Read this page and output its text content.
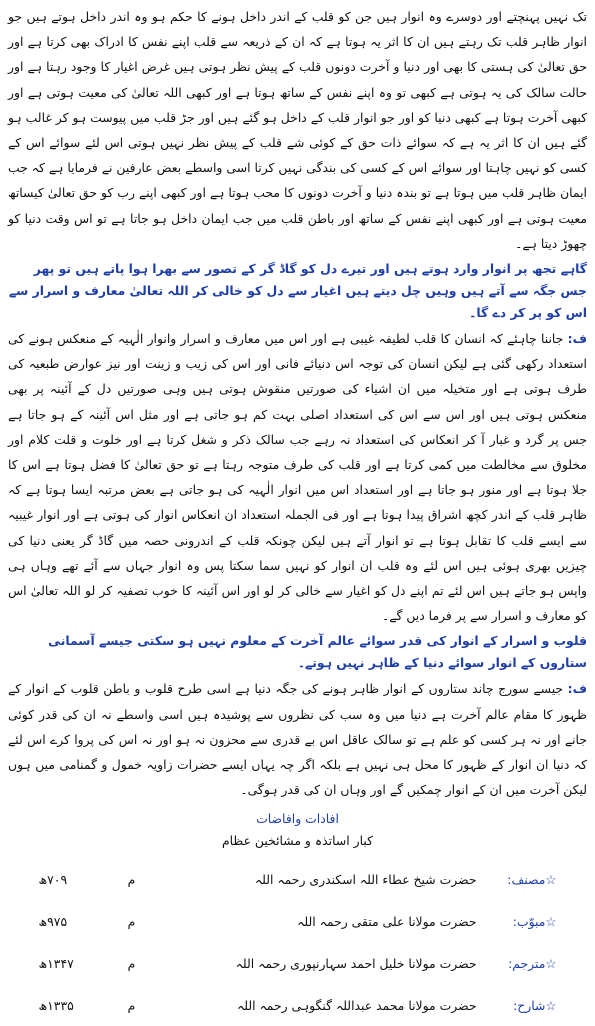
تک نہیں پہنچتے اور دوسرے وہ انوار ہیں جن کو قلب کے اندر داخل ہونے کا حکم ہو وہ اندر داخل ہوتے ہیں جو انوار ظاہر قلب تک رہتے ہیں ان کا اثر یہ ہوتا ہے کہ ان کے ذریعہ سے قلب اپنے نفس کا ادراک بھی کرتا ہے اور حق تعالیٰ کی ہستی کا بھی اور دنیا و آخرت دونوں قلب کے پیش نظر ہوتی ہیں غرض اغیار کا وجود رہتا ہے اور حالت سالک کی یہ ہوتی ہے کبھی تو وہ اپنے نفس کے ساتھ ہوتا ہے اور کبھی اللہ تعالیٰ کی معیت ہوتی ہے اور کبھی آخرت ہوتا ہے کبھی دنیا کو اور جو انوار قلب کے داخل ہو گئے ہیں اور جڑ قلب میں پیوست ہو کر غالب ہو گئے ہیں ان کا اثر یہ ہے کہ سوائے ذات حق کے کوئی شے قلب کے پیش نظر نہیں ہوتی اس لئے سوائے اس کے کسی کو نہیں چاہتا اور سوائے اس کے کسی کی بندگی نہیں کرتا اسی واسطے بعض عارفین نے فرمایا ہے کہ جب ایمان ظاہر قلب میں ہوتا ہے تو بندہ دنیا و آخرت دونوں کا محب ہوتا ہے اور کبھی اپنے رب کو حق تعالیٰ کیساتھ معیت ہوتی ہے اور کبھی اپنے نفس کے ساتھ اور باطن قلب میں جب ایمان داخل ہو جاتا ہے تو اس وقت دنیا کو چھوڑ دیتا ہے۔

گاہے تجھ پر انوار وارد ہوتے ہیں اور تیرے دل کو گاڈ گر کے تصور سے بھرا ہوا پاتے ہیں تو پھر جس جگہ سے آتے ہیں وہیں چل دیتے ہیں اغیار سے دل کو خالی کر اللہ تعالیٰ معارف و اسرار سے اس کو پر کر دے گا۔

ف: جاننا چاہئے کہ انسان کا قلب لطیفہ غیبی ہے اور اس میں معارف و اسرار وانوار الٰہیہ کے منعکس ہونے کی استعداد رکھی گئی ہے لیکن انسان کی توجہ اس دنیائے فانی اور اس کی زیب و زینت اور نیز عوارض طبعیہ کی طرف ہوتی ہے اور متخیلہ میں ان اشیاء کی صورتیں منقوش ہوتی ہیں وہی صورتیں دل کے آئینہ پر بھی منعکس ہوتی ہیں اور اس سے اس کی استعداد اصلی بہت کم ہو جاتی ہے اور مثل اس آئینہ کے ہو جاتا ہے جس پر گرد و غبار آ کر انعکاس کی استعداد نہ رہے جب سالک ذکر و شغل کرتا ہے اور خلوت و قلت کلام اور مخلوق سے مخالطت میں کمی کرتا ہے اور قلب کی طرف متوجہ رہتا ہے تو حق تعالیٰ کا فضل ہوتا ہے اس کا جلا ہوتا ہے اور منور ہو جاتا ہے اور استعداد اس میں انوار الٰہیہ کی ہو جاتی ہے بعض مرتبہ ایسا ہوتا ہے کہ ظاہر قلب کے اندر کچھ اشراق پیدا ہوتا ہے اور فی الجملہ استعداد ان انعکاس انوار کی ہوتی ہے اور انوار غیبیہ سے ایسے قلب کا تقابل ہوتا ہے تو انوار آتے ہیں لیکن چونکہ قلب کے اندرونی حصہ میں گاڈ گر یعنی دنیا کی چیزیں بھری ہوئی ہیں اس لئے وہ قلب ان انوار کو نہیں سما سکتا پس وہ انوار جہاں سے آئے تھے وہاں ہی واپس ہو جاتے ہیں اس لئے تم اپنے دل کو اغیار سے خالی کر لو اور اس آئینہ کا خوب تصفیہ کر لو اللہ تعالیٰ اس کو معارف و اسرار سے پر فرما دیں گے۔

قلوب و اسرار کے انوار کی قدر سوائے عالم آخرت کے معلوم نہیں ہو سکتی جیسے آسمانی ستاروں کے انوار سوائے دنیا کے ظاہر نہیں ہوتے۔

ف: جیسے سورج چاند ستاروں کے انوار ظاہر ہونے کی جگہ دنیا ہے اسی طرح قلوب و باطن قلوب کے انوار کے ظہور کا مقام عالم آخرت ہے دنیا میں وہ سب کی نظروں سے پوشیدہ ہیں اسی واسطے نہ ان کی قدر کوئی جانے اور نہ ہر کسی کو علم ہے تو سالک عاقل اس بے قدری سے محزون نہ ہو اور نہ اس کی پروا کرے اس لئے کہ دنیا ان انوار کے ظہور کا محل ہی نہیں ہے بلکہ اگر چہ یہاں ایسے حضرات زاویہ خمول و گمنامی میں ہوں لیکن آخرت میں ان کے انوار چمکیں گے اور وہاں ان کی قدر ہوگی۔

افادات وافاضات
کبار اساتذہ و مشائخین عظام
☆مصنف:	حضرت شیخ عطاء اللہ اسکندری رحمہ اللہ	م	۷۰۹ھ
☆مبوّب:	حضرت مولانا علی متقی رحمہ اللہ	م	۹۷۵ھ
☆مترجم:	حضرت مولانا خلیل احمد سہارنپوری رحمہ اللہ	م	۱۳۴۷ھ
☆شارح:	حضرت مولانا محمد عبداللہ گنگوہی رحمہ اللہ	م	۱۳۳۵ھ
